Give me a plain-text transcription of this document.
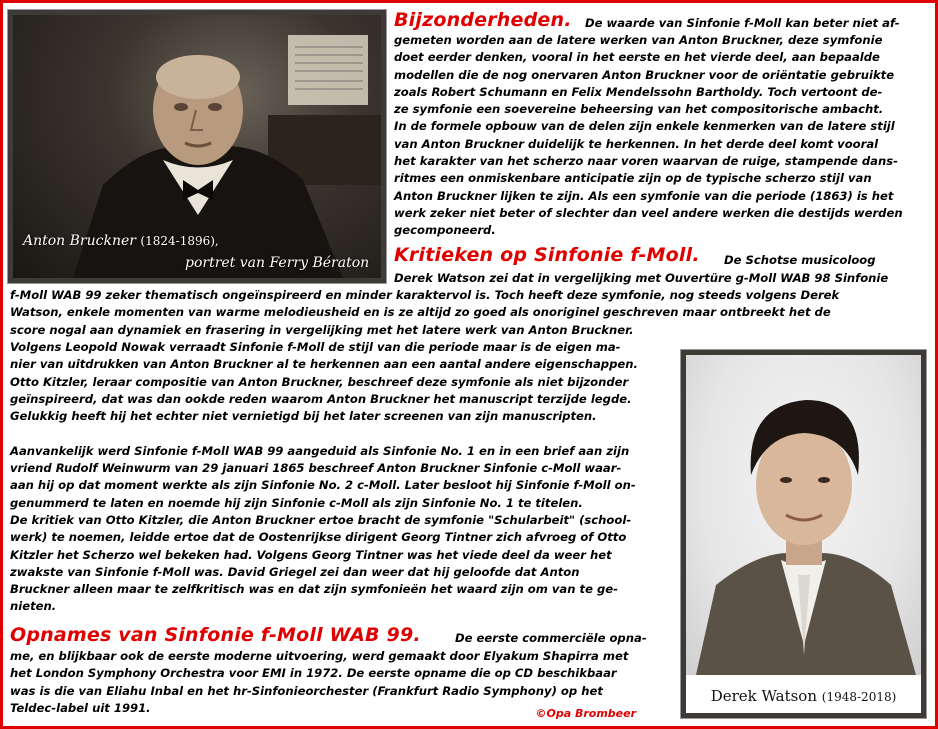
Anton Bruckner (1824-1896),
portret van Ferry Bératon
Derek Watson (1948-2018)
Bijzonderheden. De waarde van Sinfonie f-Moll kan beter niet af-
gemeten worden aan de latere werken van Anton Bruckner, deze symfonie
doet eerder denken, vooral in het eerste en het vierde deel, aan bepaalde
modellen die de nog onervaren Anton Bruckner voor de oriëntatie gebruikte
zoals Robert Schumann en Felix Mendelssohn Bartholdy. Toch vertoont de-
ze symfonie een soevereine beheersing van het compositorische ambacht.
In de formele opbouw van de delen zijn enkele kenmerken van de latere stijl
van Anton Bruckner duidelijk te herkennen. In het derde deel komt vooral
het karakter van het scherzo naar voren waarvan de ruige, stampende dans-
ritmes een onmiskenbare anticipatie zijn op de typische scherzo stijl van
Anton Bruckner lijken te zijn. Als een symfonie van die periode (1863) is het
werk zeker niet beter of slechter dan veel andere werken die destijds werden
gecomponeerd.
Kritieken op Sinfonie f-Moll. De Schotse musicoloog
Derek Watson zei dat in vergelijking met Ouvertüre g-Moll WAB 98 Sinfonie
f-Moll WAB 99 zeker thematisch ongeïnspireerd en minder karaktervol is. Toch heeft deze symfonie, nog steeds volgens Derek
Watson, enkele momenten van warme melodieusheid en is ze altijd zo goed als onoriginel geschreven maar ontbreekt het de
score nogal aan dynamiek en frasering in vergelijking met het latere werk van Anton Bruckner.
Volgens Leopold Nowak verraadt Sinfonie f-Moll de stijl van die periode maar is de eigen ma-
nier van uitdrukken van Anton Bruckner al te herkennen aan een aantal andere eigenschappen.
Otto Kitzler, leraar compositie van Anton Bruckner, beschreef deze symfonie als niet bijzonder
geïnspireerd, dat was dan ookde reden waarom Anton Bruckner het manuscript terzijde legde.
Gelukkig heeft hij het echter niet vernietigd bij het later screenen van zijn manuscripten.
Aanvankelijk werd Sinfonie f-Moll WAB 99 aangeduid als Sinfonie No. 1 en in een brief aan zijn
vriend Rudolf Weinwurm van 29 januari 1865 beschreef Anton Bruckner Sinfonie c-Moll waar-
aan hij op dat moment werkte als zijn Sinfonie No. 2 c-Moll. Later besloot hij Sinfonie f-Moll on-
genummerd te laten en noemde hij zijn Sinfonie c-Moll als zijn Sinfonie No. 1 te titelen.
De kritiek van Otto Kitzler, die Anton Bruckner ertoe bracht de symfonie "Schularbeit" (school-
werk) te noemen, leidde ertoe dat de Oostenrijkse dirigent Georg Tintner zich afvroeg of Otto
Kitzler het Scherzo wel bekeken had. Volgens Georg Tintner was het viede deel da weer het
zwakste van Sinfonie f-Moll was. David Griegel zei dan weer dat hij geloofde dat Anton
Bruckner alleen maar te zelfkritisch was en dat zijn symfonieën het waard zijn om van te ge-
nieten.
Opnames van Sinfonie f-Moll WAB 99.	De eerste commerciële opna-
me, en blijkbaar ook de eerste moderne uitvoering, werd gemaakt door Elyakum Shapirra met
het London Symphony Orchestra voor EMI in 1972. De eerste opname die op CD beschikbaar
was is die van Eliahu Inbal en het hr-Sinfonieorchester (Frankfurt Radio Symphony) op het
Teldec-label uit 1991.	©Opa Brombeer
